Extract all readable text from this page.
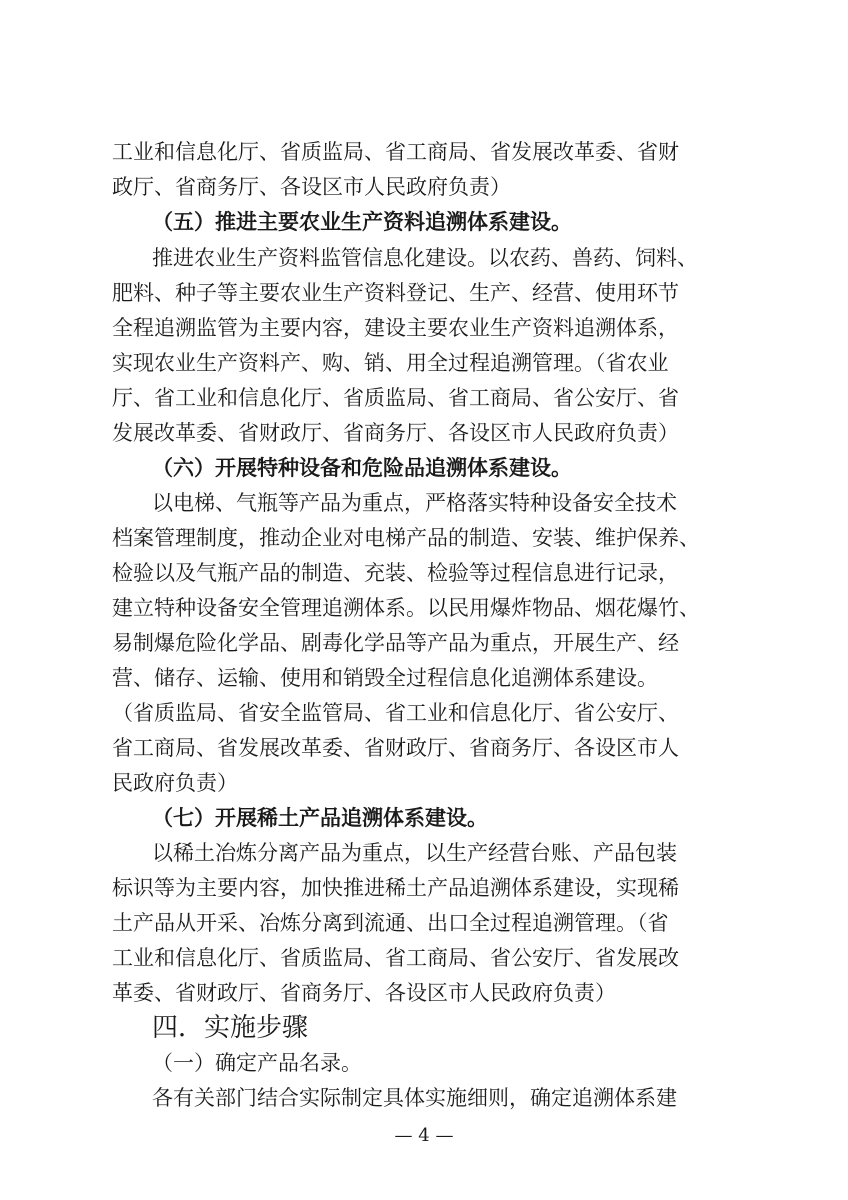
工业和信息化厅、省质监局、省工商局、省发展改革委、省财

政厅、省商务厅、各设区市人民政府负责）

（五）推进主要农业生产资料追溯体系建设。

推进农业生产资料监管信息化建设。以农药、兽药、饲料、

肥料、种子等主要农业生产资料登记、生产、经营、使用环节

全程追溯监管为主要内容，建设主要农业生产资料追溯体系，

实现农业生产资料产、购、销、用全过程追溯管理。（省农业

厅、省工业和信息化厅、省质监局、省工商局、省公安厅、省

发展改革委、省财政厅、省商务厅、各设区市人民政府负责）

（六）开展特种设备和危险品追溯体系建设。

以电梯、气瓶等产品为重点，严格落实特种设备安全技术

档案管理制度，推动企业对电梯产品的制造、安装、维护保养、

检验以及气瓶产品的制造、充装、检验等过程信息进行记录，

建立特种设备安全管理追溯体系。以民用爆炸物品、烟花爆竹、

易制爆危险化学品、剧毒化学品等产品为重点，开展生产、经

营、储存、运输、使用和销毁全过程信息化追溯体系建设。

（省质监局、省安全监管局、省工业和信息化厅、省公安厅、

省工商局、省发展改革委、省财政厅、省商务厅、各设区市人

民政府负责）

（七）开展稀土产品追溯体系建设。

以稀土冶炼分离产品为重点，以生产经营台账、产品包装

标识等为主要内容，加快推进稀土产品追溯体系建设，实现稀

土产品从开采、冶炼分离到流通、出口全过程追溯管理。（省

工业和信息化厅、省质监局、省工商局、省公安厅、省发展改

革委、省财政厅、省商务厅、各设区市人民政府负责）

四．实施步骤

（一）确定产品名录。

各有关部门结合实际制定具体实施细则，确定追溯体系建

— 4 —
